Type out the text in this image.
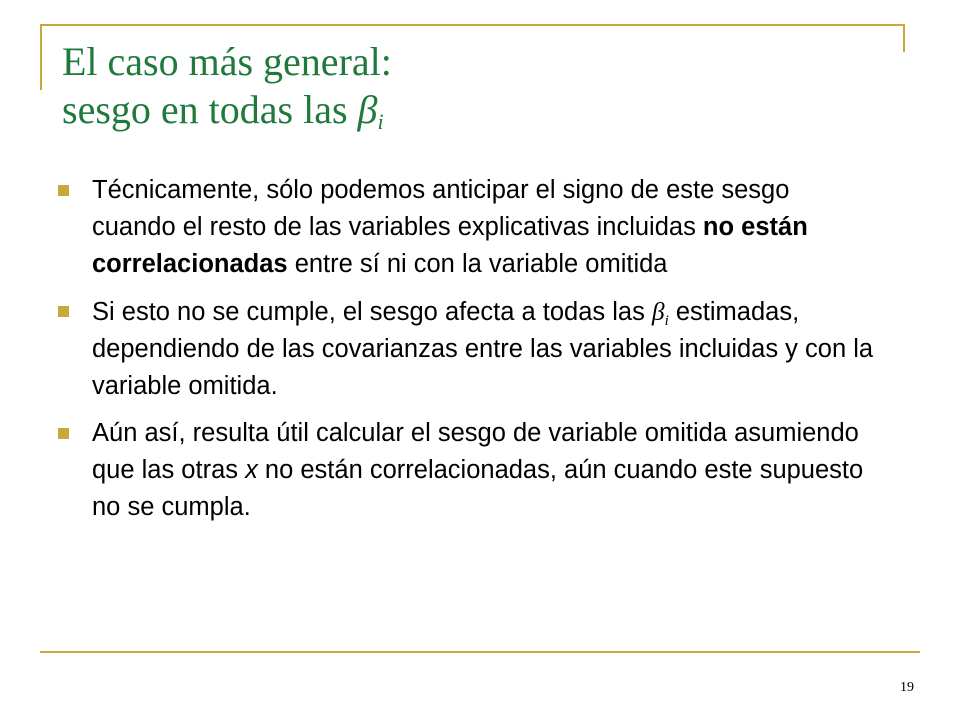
El caso más general:
sesgo en todas las $\beta_i$
Técnicamente, sólo podemos anticipar el signo de este sesgo cuando el resto de las variables explicativas incluidas no están correlacionadas entre sí ni con la variable omitida
Si esto no se cumple, el sesgo afecta a todas las $\beta_i$ estimadas, dependiendo de las covarianzas entre las variables incluidas y con la variable omitida.
Aún así, resulta útil calcular el sesgo de variable omitida asumiendo que las otras x no están correlacionadas, aún cuando este supuesto no se cumpla.
19
